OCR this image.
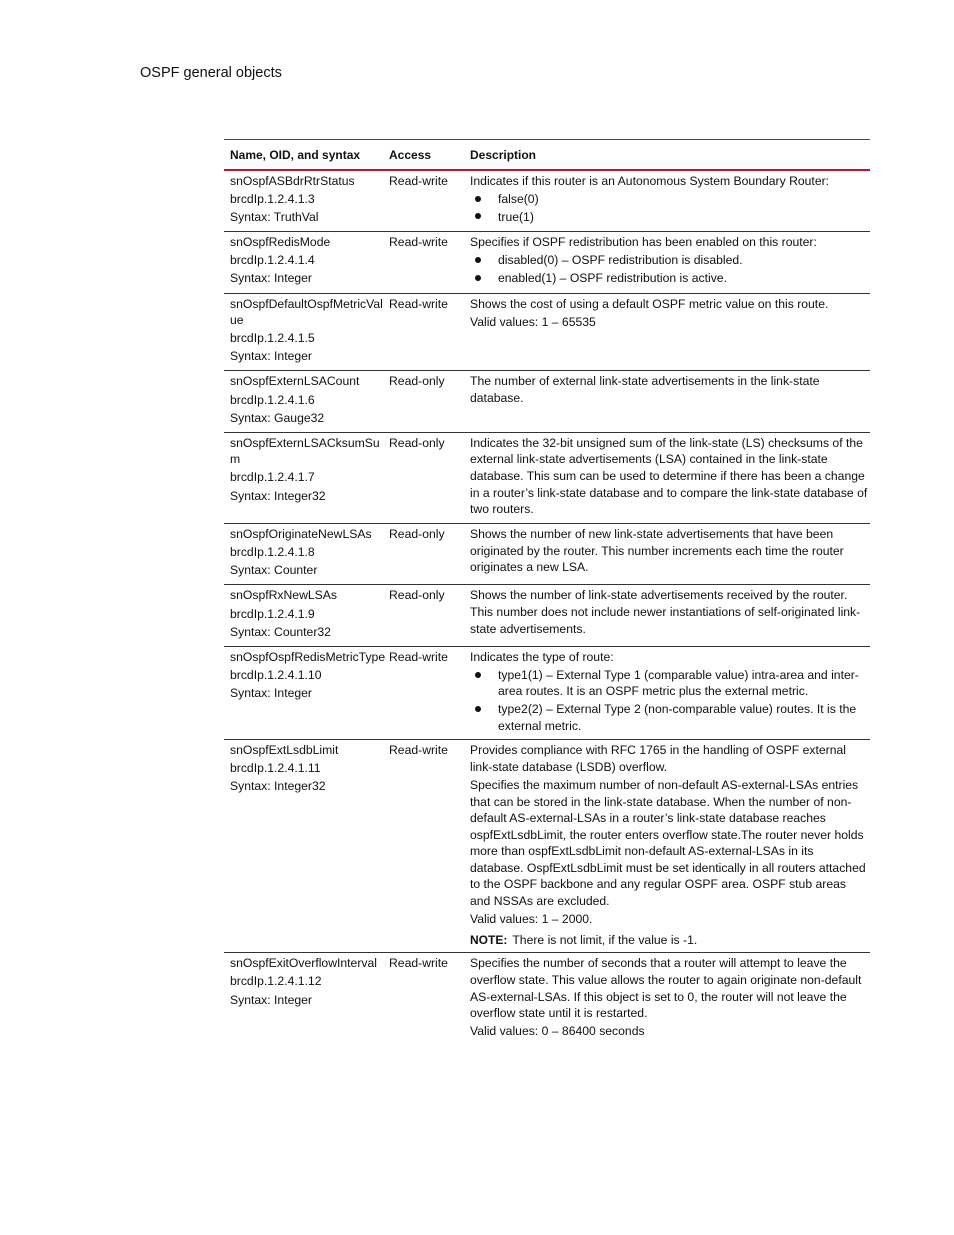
OSPF general objects
Name, OID, and syntax	Access	Description
snOspfASBdrRtrStatus
brcdIp.1.2.4.1.3
Syntax: TruthVal
Read-write	Indicates if this router is an Autonomous System Boundary Router:
false(0)
true(1)
snOspfRedisMode
brcdIp.1.2.4.1.4
Syntax: Integer
Read-write	Specifies if OSPF redistribution has been enabled on this router:
disabled(0) – OSPF redistribution is disabled.
enabled(1) – OSPF redistribution is active.
snOspfDefaultOspfMetricValue
brcdIp.1.2.4.1.5
Syntax: Integer
Read-write	Shows the cost of using a default OSPF metric value on this route.
Valid values: 1 – 65535
snOspfExternLSACount
brcdIp.1.2.4.1.6
Syntax: Gauge32
Read-only	The number of external link-state advertisements in the link-state database.
snOspfExternLSACksumSum
brcdIp.1.2.4.1.7
Syntax: Integer32
Read-only	Indicates the 32-bit unsigned sum of the link-state (LS) checksums of the external link-state advertisements (LSA) contained in the link-state database. This sum can be used to determine if there has been a change in a router’s link-state database and to compare the link-state database of two routers.
snOspfOriginateNewLSAs
brcdIp.1.2.4.1.8
Syntax: Counter
Read-only	Shows the number of new link-state advertisements that have been originated by the router. This number increments each time the router originates a new LSA.
snOspfRxNewLSAs
brcdIp.1.2.4.1.9
Syntax: Counter32
Read-only	Shows the number of link-state advertisements received by the router. This number does not include newer instantiations of self-originated link-state advertisements.
snOspfOspfRedisMetricType
brcdIp.1.2.4.1.10
Syntax: Integer
Read-write	Indicates the type of route:
type1(1) – External Type 1 (comparable value) intra-area and inter-area routes. It is an OSPF metric plus the external metric.
type2(2) – External Type 2 (non-comparable value) routes. It is the external metric.
snOspfExtLsdbLimit
brcdIp.1.2.4.1.11
Syntax: Integer32
Read-write	Provides compliance with RFC 1765 in the handling of OSPF external link-state database (LSDB) overflow.
Specifies the maximum number of non-default AS-external-LSAs entries that can be stored in the link-state database. When the number of non-default AS-external-LSAs in a router’s link-state database reaches ospfExtLsdbLimit, the router enters overflow state.The router never holds more than ospfExtLsdbLimit non-default AS-external-LSAs in its database. OspfExtLsdbLimit must be set identically in all routers attached to the OSPF backbone and any regular OSPF area. OSPF stub areas and NSSAs are excluded.
Valid values: 1 – 2000.
NOTE: There is not limit, if the value is -1.
snOspfExitOverflowInterval
brcdIp.1.2.4.1.12
Syntax: Integer
Read-write	Specifies the number of seconds that a router will attempt to leave the overflow state. This value allows the router to again originate non-default AS-external-LSAs. If this object is set to 0, the router will not leave the overflow state until it is restarted.
Valid values: 0 – 86400 seconds
